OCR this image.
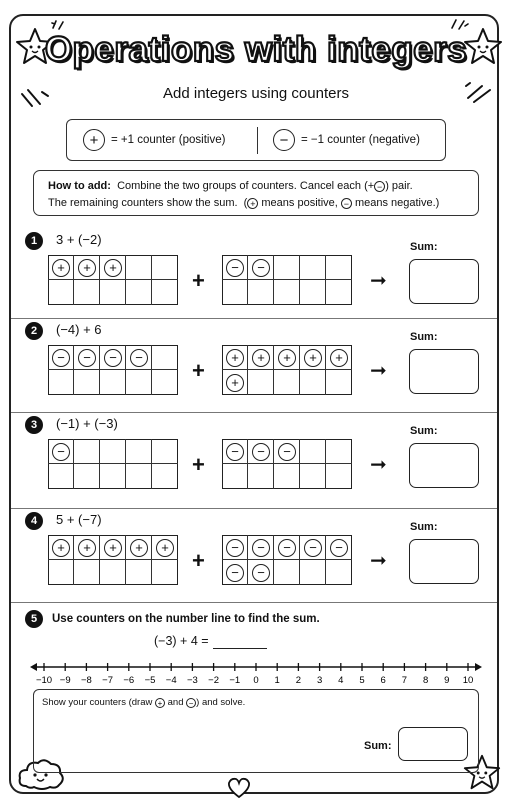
Operations with integers
Add integers using counters
+	= +1 counter (positive)	−	= −1 counter (negative)
How to add: Combine the two groups of counters. Cancel each (+ − ) pair.
The remaining counters show the sum.  ( + means positive, − means negative.)
1	3 + (−2)
+	+	+	−	−
+	➞
Sum:
2	(−4) + 6
−	−	−	−	+	+	+	+	+
+
+	➞
Sum:
3	(−1) + (−3)
−	−	−	−
+	➞
Sum:
4	5 + (−7)
+	+	+	+	+	−	−	−	−	−
−	−
+	➞
Sum:
5	Use counters on the number line to find the sum.
(−3) + 4 =
−10 −9 −8 −7 −6 −5 −4 −3 −2 −1 0 1 2 3 4 5 6 7 8 9 10
Show your counters (draw + and − ) and solve.
Sum:
